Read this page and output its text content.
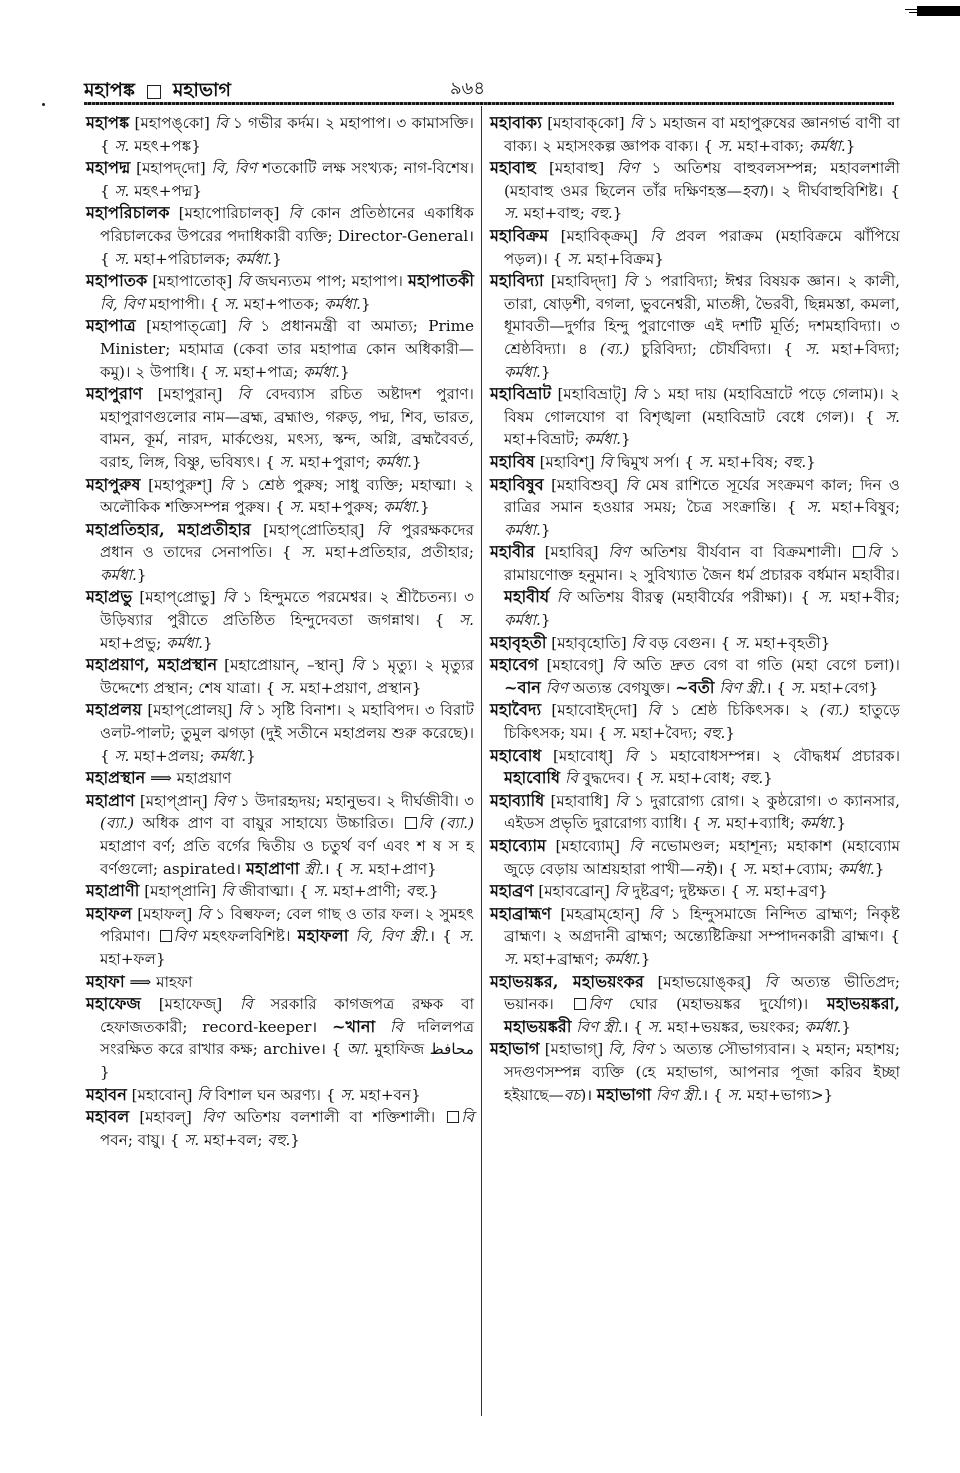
মহাপঙ্ক মহাভাগ	৯৬৪

মহাপঙ্ক [মহাপঙ্‌কো] বি ১ গভীর কর্দম। ২ মহাপাপ। ৩ কামাসক্তি। { স. মহৎ+পঙ্ক}

মহাপদ্ম [মহাপদ্‌দো] বি, বিণ শতকোটি লক্ষ সংখ্যক; নাগ-বিশেষ। { স. মহৎ+পদ্ম}

মহাপরিচালক [মহাপোরিচালক্] বি কোন প্রতিষ্ঠানের একাধিক পরিচালকের উপরের পদাধিকারী ব্যক্তি; Director-General। { স. মহা+পরিচালক; কর্মধা.}

মহাপাতক [মহাপাতোক্] বি জঘন্যতম পাপ; মহাপাপ। মহাপাতকী বি, বিণ মহাপাপী। { স. মহা+পাতক; কর্মধা.}

মহাপাত্র [মহাপাত্‌ত্রো] বি ১ প্রধানমন্ত্রী বা অমাত্য; Prime Minister; মহামাত্র (কেবা তার মহাপাত্র কোন অধিকারী—কমু)। ২ উপাধি। { স. মহা+পাত্র; কর্মধা.}

মহাপুরাণ [মহাপুরান্] বি বেদব্যাস রচিত অষ্টাদশ পুরাণ। মহাপুরাণগুলোর নাম—ব্রহ্ম, ব্রহ্মাণ্ড, গরুড়, পদ্ম, শিব, ভারত, বামন, কূর্ম, নারদ, মার্কণ্ডেয়, মৎস্য, স্কন্দ, অগ্নি, ব্রহ্মবৈবর্ত, বরাহ, লিঙ্গ, বিষ্ণু, ভবিষ্যৎ। { স. মহা+পুরাণ; কর্মধা.}

মহাপুরুষ [মহাপুরুশ্] বি ১ শ্রেষ্ঠ পুরুষ; সাধু ব্যক্তি; মহাত্মা। ২ অলৌকিক শক্তিসম্পন্ন পুরুষ। { স. মহা+পুরুষ; কর্মধা.}

মহাপ্রতিহার, মহাপ্রতীহার [মহাপ্‌প্রোতিহার্] বি পুররক্ষকদের প্রধান ও তাদের সেনাপতি। { স. মহা+প্রতিহার, প্রতীহার; কর্মধা.}

মহাপ্রভু [মহাপ্‌প্রোভু] বি ১ হিন্দুমতে পরমেশ্বর। ২ শ্রীচৈতন্য। ৩ উড়িষ্যার পুরীতে প্রতিষ্ঠিত হিন্দুদেবতা জগন্নাথ। { স. মহা+প্রভু; কর্মধা.}

মহাপ্রয়াণ, মহাপ্রস্থান [মহাপ্রোয়ান্, –স্থান্] বি ১ মৃত্যু। ২ মৃত্যুর উদ্দেশ্যে প্রস্থান; শেষ যাত্রা। { স. মহা+প্রয়াণ, প্রস্থান}

মহাপ্রলয় [মহাপ্‌প্রোলয়্] বি ১ সৃষ্টি বিনাশ। ২ মহাবিপদ। ৩ বিরাট ওলট-পালট; তুমুল ঝগড়া (দুই সতীনে মহাপ্রলয় শুরু করেছে)। { স. মহা+প্রলয়; কর্মধা.}

মহাপ্রস্থান ⟹ মহাপ্রয়াণ

মহাপ্রাণ [মহাপ্‌প্রান্] বিণ ১ উদারহৃদয়; মহানুভব। ২ দীর্ঘজীবী। ৩ (ব্যা.) অধিক প্রাণ বা বায়ুর সাহায্যে উচ্চারিত। বি (ব্যা.) মহাপ্রাণ বর্ণ; প্রতি বর্গের দ্বিতীয় ও চতুর্থ বর্ণ এবং শ ষ স হ বর্ণগুলো; aspirated। মহাপ্রাণা স্ত্রী.। { স. মহা+প্রাণ}

মহাপ্রাণী [মহাপ্‌প্রানি] বি জীবাত্মা। { স. মহা+প্রাণী; বহু.}

মহাফল [মহাফল্] বি ১ বিল্বফল; বেল গাছ ও তার ফল। ২ সুমহৎ পরিমাণ। বিণ মহৎফলবিশিষ্ট। মহাফলা বি, বিণ স্ত্রী.। { স. মহা+ফল}

মহাফা ⟹ মাহফা

মহাফেজ [মহাফেজ্] বি সরকারি কাগজপত্র রক্ষক বা হেফাজতকারী; record-keeper। ~খানা বি দলিলপত্র সংরক্ষিত করে রাখার কক্ষ; archive। { আ. মুহাফিজ محافظ }

মহাবন [মহাবোন্] বি বিশাল ঘন অরণ্য। { স. মহা+বন}

মহাবল [মহাবল্] বিণ অতিশয় বলশালী বা শক্তিশালী। বি পবন; বায়ু। { স. মহা+বল; বহু.}

মহাবাক্য [মহাবাক্‌কো] বি ১ মহাজন বা মহাপুরুষের জ্ঞানগর্ভ বাণী বা বাক্য। ২ মহাসংকল্প জ্ঞাপক বাক্য। { স. মহা+বাক্য; কর্মধা.}

মহাবাহু [মহাবাহু] বিণ ১ অতিশয় বাহুবলসম্পন্ন; মহাবলশালী (মহাবাহু ওমর ছিলেন তাঁর দক্ষিণহস্ত—হবা)। ২ দীর্ঘবাহুবিশিষ্ট। { স. মহা+বাহু; বহু.}

মহাবিক্রম [মহাবিক্‌ক্রম্] বি প্রবল পরাক্রম (মহাবিক্রমে ঝাঁপিয়ে পড়ল)। { স. মহা+বিক্রম}

মহাবিদ্যা [মহাবিদ্‌দা] বি ১ পরাবিদ্যা; ঈশ্বর বিষয়ক জ্ঞান। ২ কালী, তারা, ষোড়শী, বগলা, ভুবনেশ্বরী, মাতঙ্গী, ভৈরবী, ছিন্নমস্তা, কমলা, ধূমাবতী—দুর্গার হিন্দু পুরাণোক্ত এই দশটি মূর্তি; দশমহাবিদ্যা। ৩ শ্রেষ্ঠবিদ্যা। ৪ (ব্য.) চুরিবিদ্যা; চৌর্যবিদ্যা। { স. মহা+বিদ্যা; কর্মধা.}

মহাবিভ্রাট [মহাবিভ্রাট্] বি ১ মহা দায় (মহাবিভ্রাটে পড়ে গেলাম)। ২ বিষম গোলযোগ বা বিশৃঙ্খলা (মহাবিভ্রাট বেধে গেল)। { স. মহা+বিভ্রাট; কর্মধা.}

মহাবিষ [মহাবিশ্] বি দ্বিমুখ সর্প। { স. মহা+বিষ; বহু.}

মহাবিষুব [মহাবিশুব্] বি মেষ রাশিতে সূর্যের সংক্রমণ কাল; দিন ও রাত্রির সমান হওয়ার সময়; চৈত্র সংক্রান্তি। { স. মহা+বিষুব; কর্মধা.}

মহাবীর [মহাবির্] বিণ অতিশয় বীর্যবান বা বিক্রমশালী। বি ১ রামায়ণোক্ত হনুমান। ২ সুবিখ্যাত জৈন ধর্ম প্রচারক বর্ধমান মহাবীর। মহাবীর্য বি অতিশয় বীরত্ব (মহাবীর্যের পরীক্ষা)। { স. মহা+বীর; কর্মধা.}

মহাবৃহতী [মহাবৃহোতি] বি বড় বেগুন। { স. মহা+বৃহতী}

মহাবেগ [মহাবেগ্] বি অতি দ্রুত বেগ বা গতি (মহা বেগে চলা)। ~বান বিণ অত্যন্ত বেগযুক্ত। ~বতী বিণ স্ত্রী.। { স. মহা+বেগ}

মহাবৈদ্য [মহাবোইদ্‌দো] বি ১ শ্রেষ্ঠ চিকিৎসক। ২ (ব্য.) হাতুড়ে চিকিৎসক; যম। { স. মহা+বৈদ্য; বহু.}

মহাবোধ [মহাবোধ্] বি ১ মহাবোধসম্পন্ন। ২ বৌদ্ধধর্ম প্রচারক। মহাবোধি বি বুদ্ধদেব। { স. মহা+বোধ; বহু.}

মহাব্যাধি [মহাবাধি] বি ১ দুরারোগ্য রোগ। ২ কুষ্ঠরোগ। ৩ ক্যানসার, এইডস প্রভৃতি দুরারোগ্য ব্যাধি। { স. মহা+ব্যাধি; কর্মধা.}

মহাব্যোম [মহাব্যোম্] বি নভোমণ্ডল; মহাশূন্য; মহাকাশ (মহাব্যোম জুড়ে বেড়ায় আশ্রয়হারা পাখী—নই)। { স. মহা+ব্যোম; কর্মধা.}

মহাব্রণ [মহাবব্রোন্] বি দুষ্টব্রণ; দুষ্টক্ষত। { স. মহা+ব্রণ}

মহাব্রাহ্মণ [মহব্রাম্‌হোন্] বি ১ হিন্দুসমাজে নিন্দিত ব্রাহ্মণ; নিকৃষ্ট ব্রাহ্মণ। ২ অগ্রদানী ব্রাহ্মণ; অন্ত্যেষ্টিক্রিয়া সম্পাদনকারী ব্রাহ্মণ। { স. মহা+ব্রাহ্মণ; কর্মধা.}

মহাভয়ঙ্কর, মহাভয়ংকর [মহাভয়োঙ্‌কর্] বি অত্যন্ত ভীতিপ্রদ; ভয়ানক। বিণ ঘোর (মহাভয়ঙ্কর দুর্যোগ)। মহাভয়ঙ্করা, মহাভয়ঙ্করী বিণ স্ত্রী.। { স. মহা+ভয়ঙ্কর, ভয়ংকর; কর্মধা.}

মহাভাগ [মহাভাগ্] বি, বিণ ১ অত্যন্ত সৌভাগ্যবান। ২ মহান; মহাশয়; সদগুণসম্পন্ন ব্যক্তি (হে মহাভাগ, আপনার পূজা করিব ইচ্ছা হইয়াছে—বচ)। মহাভাগা বিণ স্ত্রী.। { স. মহা+ভাগ্য>}
